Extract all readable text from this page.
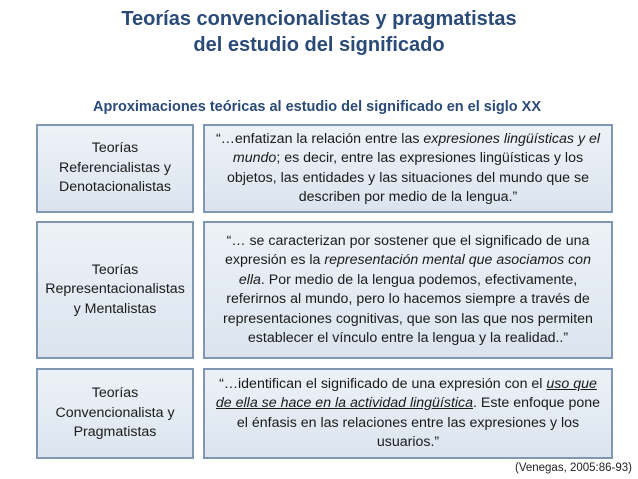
Teorías convencionalistas y pragmatistas
del estudio del significado
Aproximaciones teóricas al estudio del significado en el siglo XX
Teorías
Referencialistas y
Denotacionalistas
“…enfatizan la relación entre las expresiones lingüísticas y el mundo; es decir, entre las expresiones lingüísticas y los objetos, las entidades y las situaciones del mundo que se describen por medio de la lengua.”
Teorías
Representacionalistas
y Mentalistas
“… se caracterizan por sostener que el significado de una expresión es la representación mental que asociamos con ella. Por medio de la lengua podemos, efectivamente, referirnos al mundo, pero lo hacemos siempre a través de representaciones cognitivas, que son las que nos permiten establecer el vínculo entre la lengua y la realidad..”
Teorías
Convencionalista y
Pragmatistas
“…identifican el significado de una expresión con el uso que de ella se hace en la actividad lingüística. Este enfoque pone el énfasis en las relaciones entre las expresiones y los usuarios.”
(Venegas, 2005:86-93)
